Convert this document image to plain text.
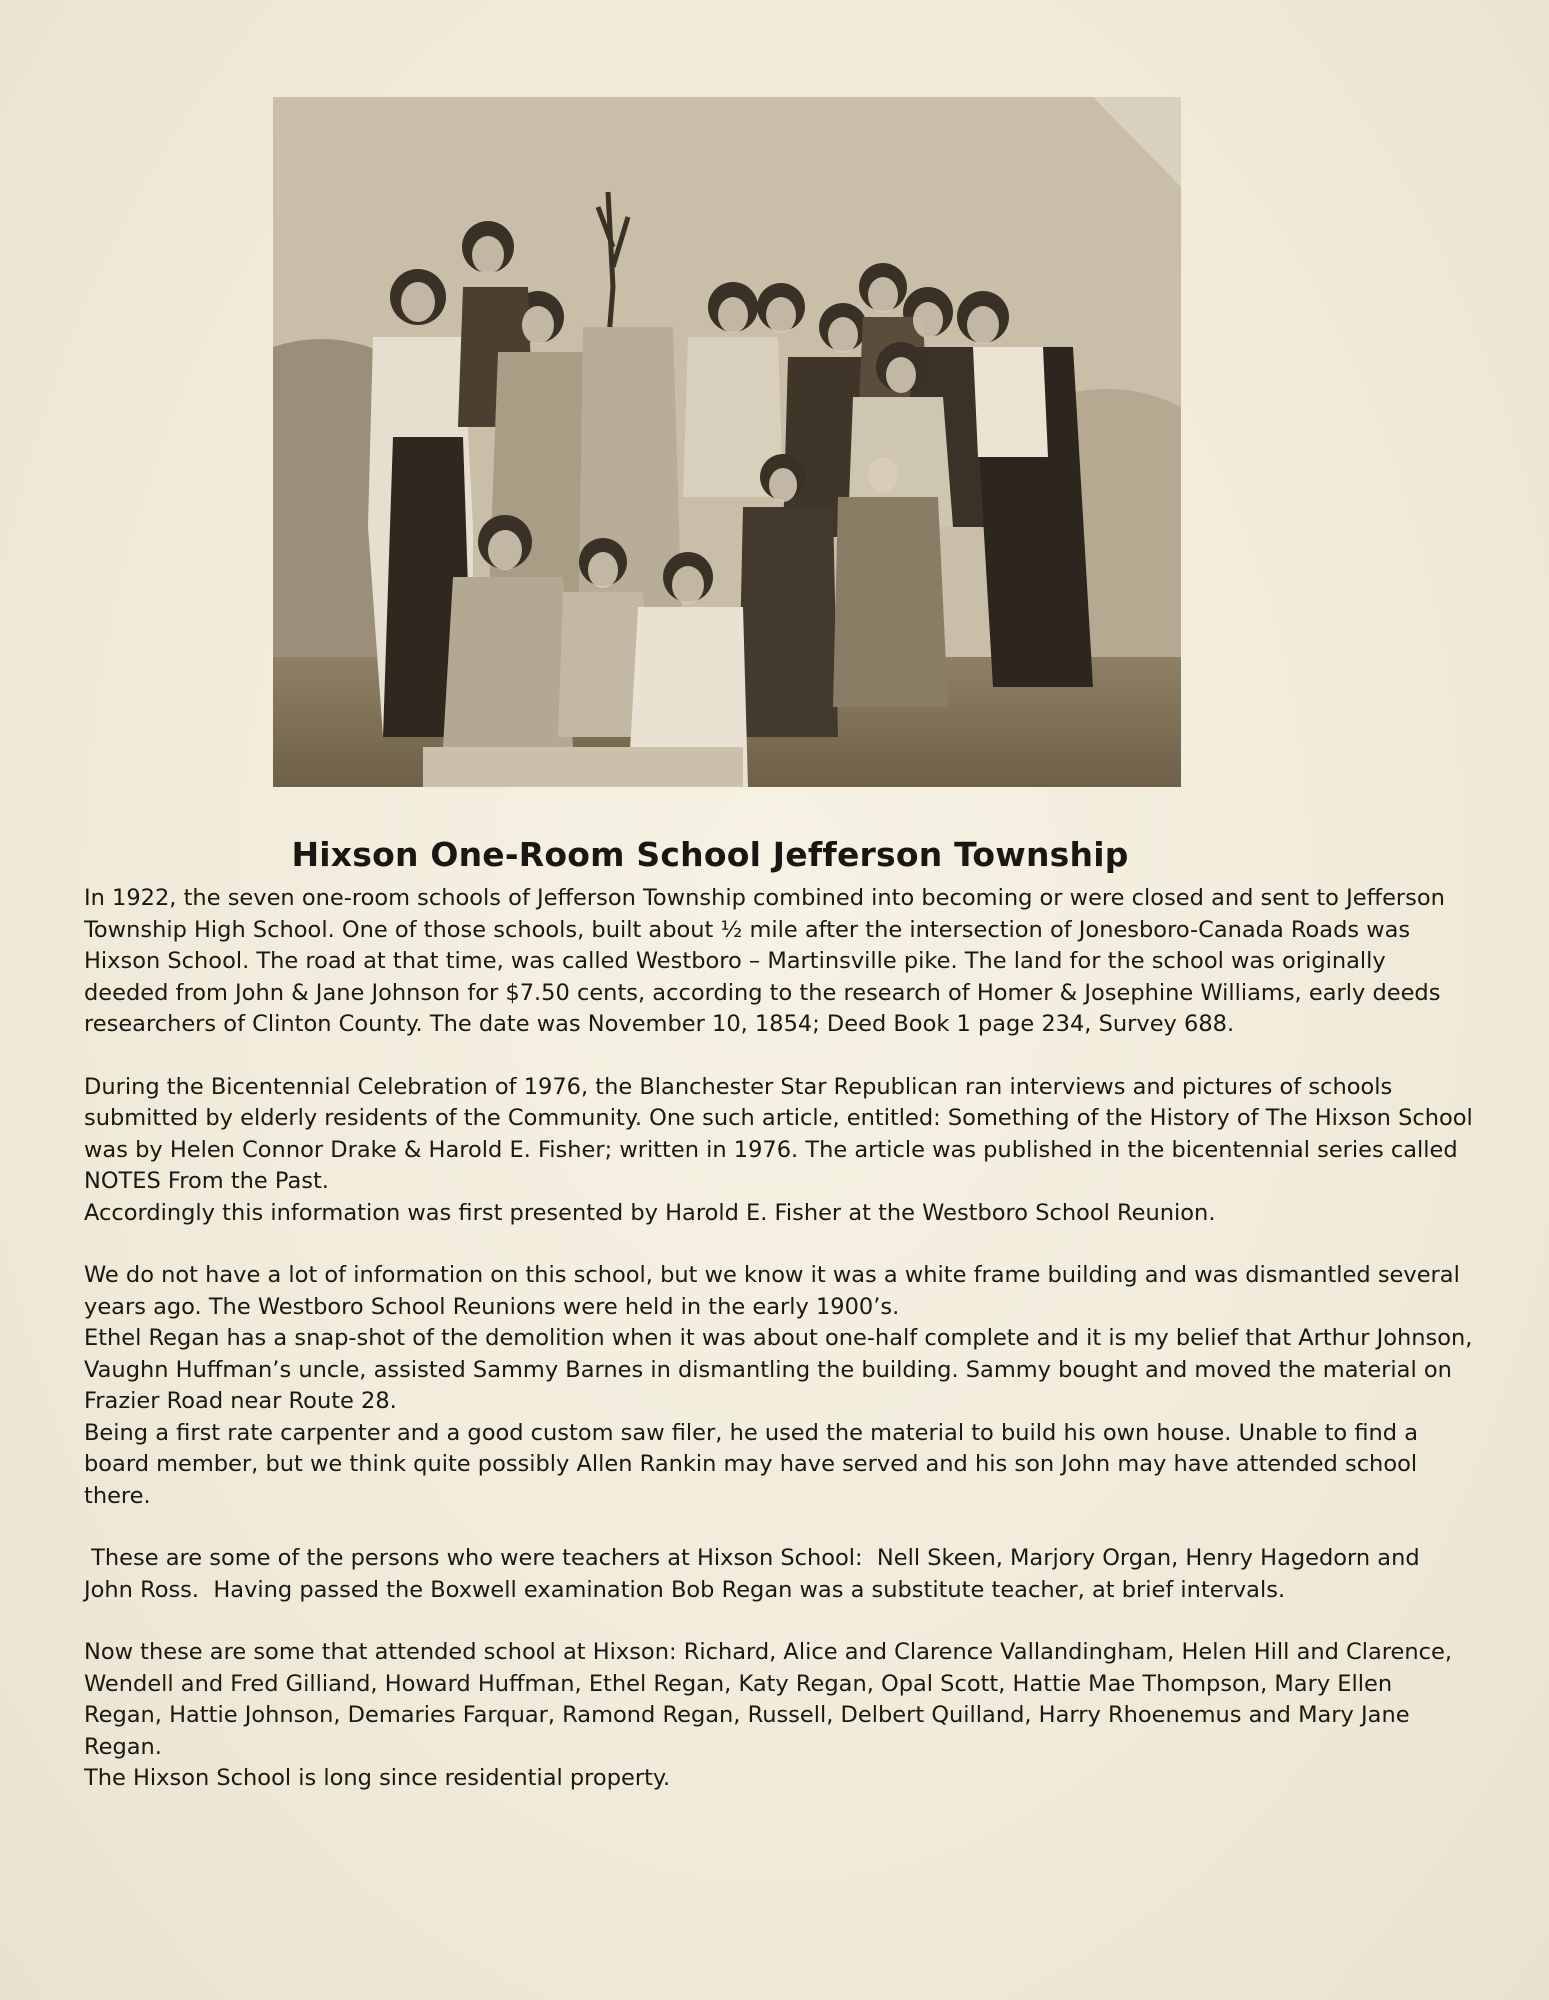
Hixson One-Room School Jefferson Township

In 1922, the seven one-room schools of Jefferson Township combined into becoming or were closed and sent to Jefferson Township High School. One of those schools, built about ½ mile after the intersection of Jonesboro-Canada Roads was Hixson School. The road at that time, was called Westboro – Martinsville pike. The land for the school was originally deeded from John & Jane Johnson for $7.50 cents, according to the research of Homer & Josephine Williams, early deeds researchers of Clinton County. The date was November 10, 1854; Deed Book 1 page 234, Survey 688.

During the Bicentennial Celebration of 1976, the Blanchester Star Republican ran interviews and pictures of schools submitted by elderly residents of the Community. One such article, entitled: Something of the History of The Hixson School was by Helen Connor Drake & Harold E. Fisher; written in 1976. The article was published in the bicentennial series called NOTES From the Past.

Accordingly this information was first presented by Harold E. Fisher at the Westboro School Reunion.

We do not have a lot of information on this school, but we know it was a white frame building and was dismantled several years ago. The Westboro School Reunions were held in the early 1900’s.

Ethel Regan has a snap-shot of the demolition when it was about one-half complete and it is my belief that Arthur Johnson, Vaughn Huffman’s uncle, assisted Sammy Barnes in dismantling the building. Sammy bought and moved the material on Frazier Road near Route 28.

Being a first rate carpenter and a good custom saw filer, he used the material to build his own house. Unable to find a board member, but we think quite possibly Allen Rankin may have served and his son John may have attended school there.

These are some of the persons who were teachers at Hixson School:  Nell Skeen, Marjory Organ, Henry Hagedorn and John Ross.  Having passed the Boxwell examination Bob Regan was a substitute teacher, at brief intervals.

Now these are some that attended school at Hixson: Richard, Alice and Clarence Vallandingham, Helen Hill and Clarence, Wendell and Fred Gilliand, Howard Huffman, Ethel Regan, Katy Regan, Opal Scott, Hattie Mae Thompson, Mary Ellen Regan, Hattie Johnson, Demaries Farquar, Ramond Regan, Russell, Delbert Quilland, Harry Rhoenemus and Mary Jane Regan.

The Hixson School is long since residential property.
